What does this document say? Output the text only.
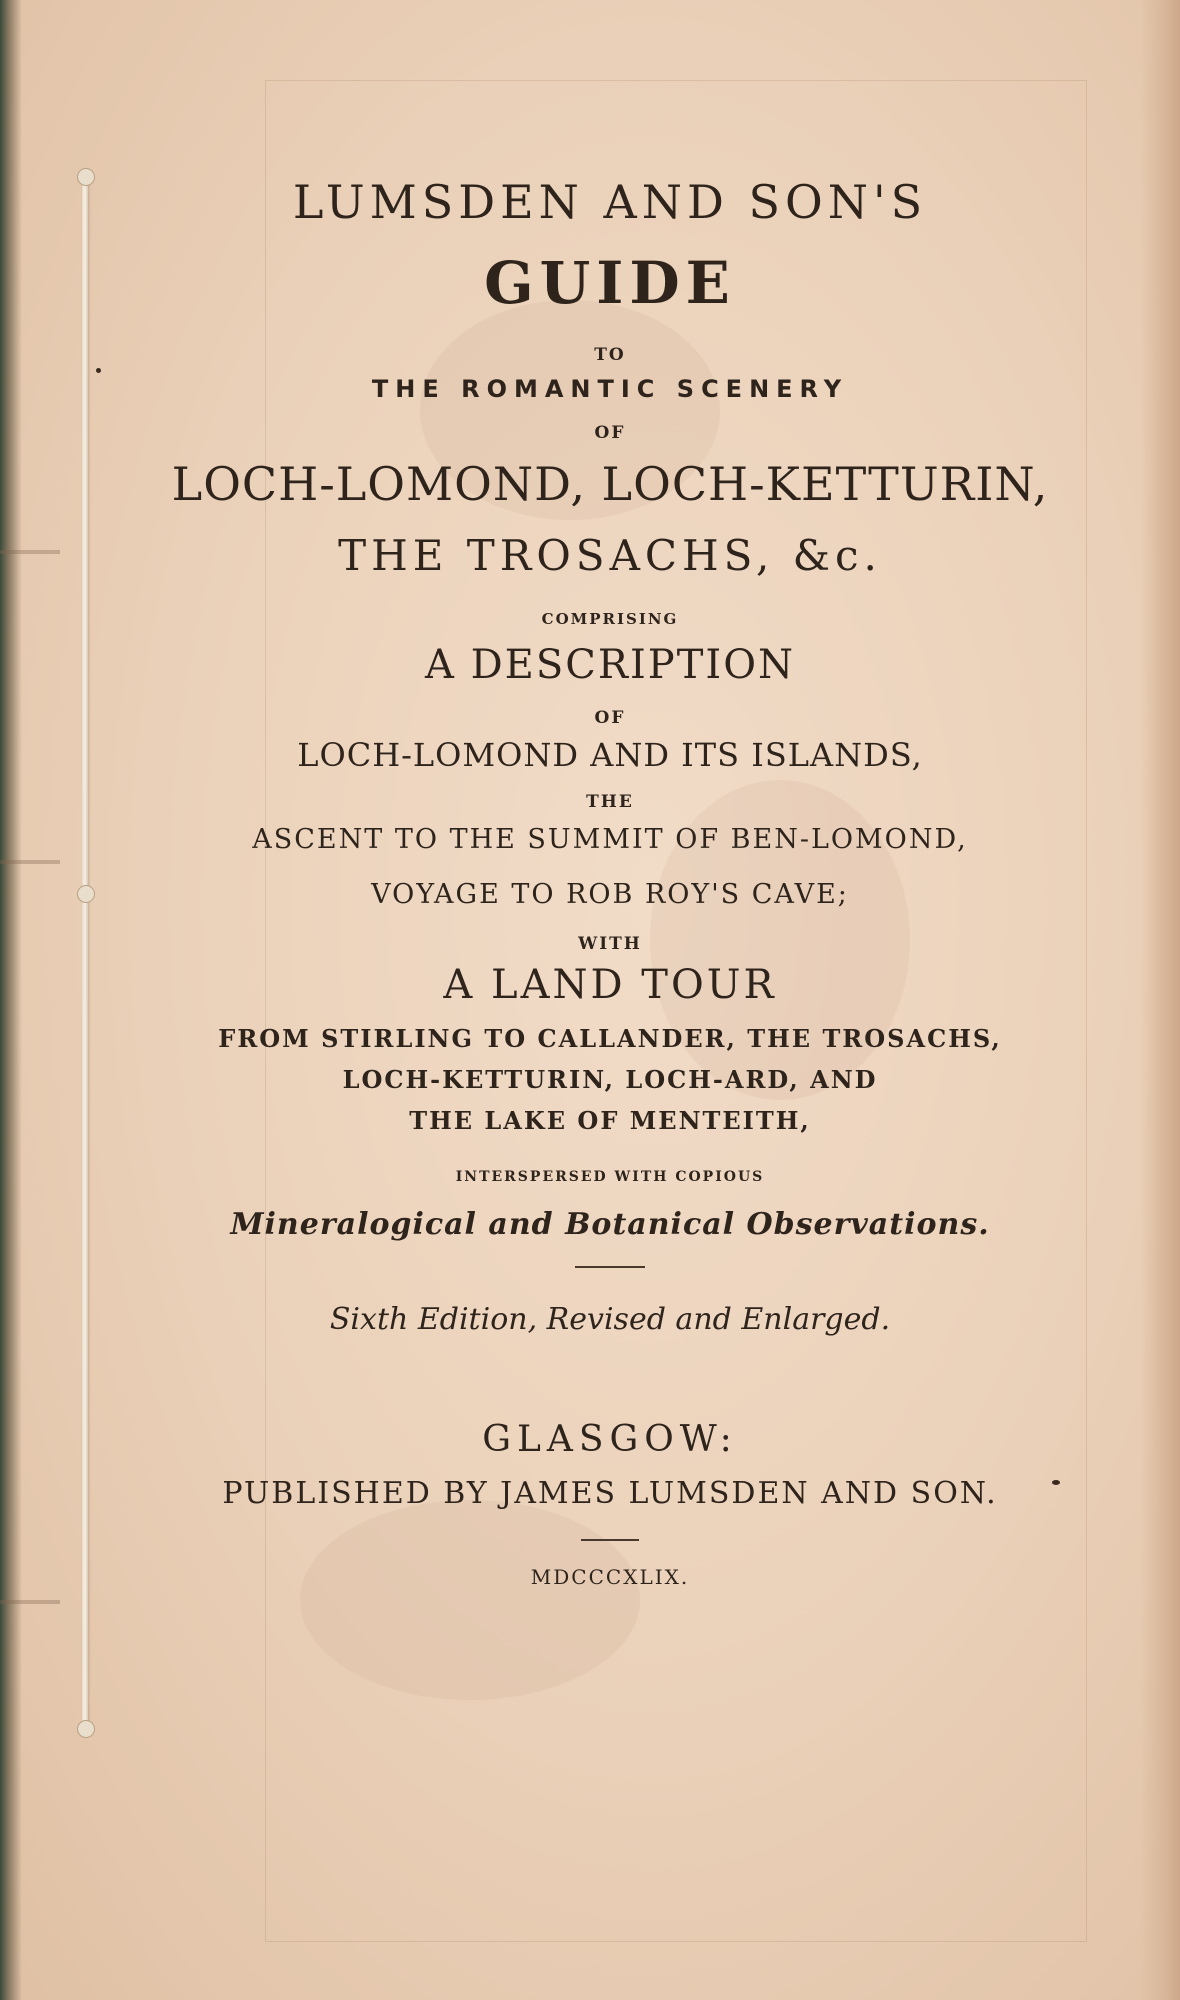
LUMSDEN AND SON'S
GUIDE
TO
THE ROMANTIC SCENERY
OF
LOCH-LOMOND, LOCH-KETTURIN,
THE TROSACHS, &c.
COMPRISING
A DESCRIPTION
OF
LOCH-LOMOND AND ITS ISLANDS,
THE
ASCENT TO THE SUMMIT OF BEN-LOMOND,
VOYAGE TO ROB ROY'S CAVE;
WITH
A LAND TOUR
FROM STIRLING TO CALLANDER, THE TROSACHS,
LOCH-KETTURIN, LOCH-ARD, AND
THE LAKE OF MENTEITH,
INTERSPERSED WITH COPIOUS
Mineralogical and Botanical Observations.
Sixth Edition, Revised and Enlarged.
GLASGOW:
PUBLISHED BY JAMES LUMSDEN AND SON.
MDCCCXLIX.
